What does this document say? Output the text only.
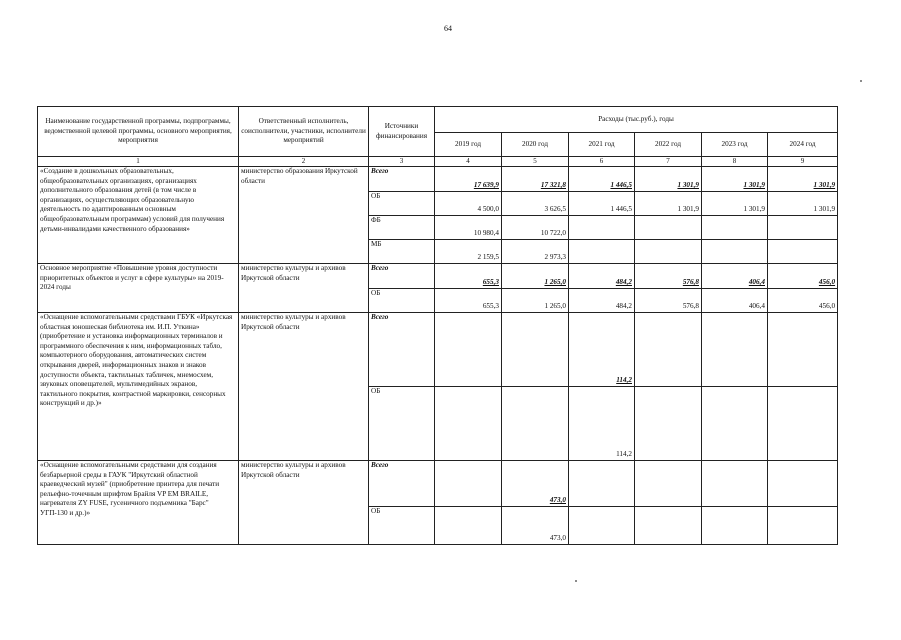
64
Наименование государственной программы, подпрограммы, ведомственной целевой программы, основного мероприятия, мероприятия	Ответственный исполнитель, соисполнители, участники, исполнители мероприятий	Источники финансирования	Расходы (тыс.руб.), годы					
			2019 год	2020 год	2021 год	2022 год	2023 год	2024 год
1	2	3	4	5	6	7	8	9
«Создание в дошкольных образовательных, общеобразовательных организациях, организациях дополнительного образования детей (в том числе в организациях, осуществляющих образовательную деятельность по адаптированным основным общеобразовательным программам) условий для получения детьми-инвалидами качественного образования»	министерство образования Иркутской области	Всего	17 639,9	17 321,8	1 446,5	1 301,9	1 301,9	1 301,9
		ОБ	4 500,0	3 626,5	1 446,5	1 301,9	1 301,9	1 301,9
		ФБ	10 980,4	10 722,0				
		МБ	2 159,5	2 973,3				
Основное мероприятие «Повышение уровня доступности приоритетных объектов и услуг в сфере культуры» на 2019-2024 годы	министерство культуры и архивов Иркутской области	Всего	655,3	1 265,0	484,2	576,8	406,4	456,0
		ОБ	655,3	1 265,0	484,2	576,8	406,4	456,0
«Оснащение вспомогательными средствами ГБУК «Иркутская областная юношеская библиотека им. И.П. Уткина» (приобретение и установка информационных терминалов и программного обеспечения к ним, информационных табло, компьютерного оборудования, автоматических систем открывания дверей, информационных знаков и знаков доступности объекта, тактильных табличек, мнемосхем, звуковых оповещателей, мультимедийных экранов, тактильного покрытия, контрастной маркировки, сенсорных конструкций и др.)»	министерство культуры и архивов Иркутской области	Всего			114,2			
		ОБ			114,2			
«Оснащение вспомогательными средствами для создания безбарьерной среды в ГАУК "Иркутский областной краеведческий музей" (приобретение принтера для печати рельефно-точечным шрифтом Брайля VP EM BRAILE, нагревателя ZY FUSE, гусеничного подъемника "Барс" УГП-130 и др.)»	министерство культуры и архивов Иркутской области	Всего		473,0				
		ОБ		473,0				
